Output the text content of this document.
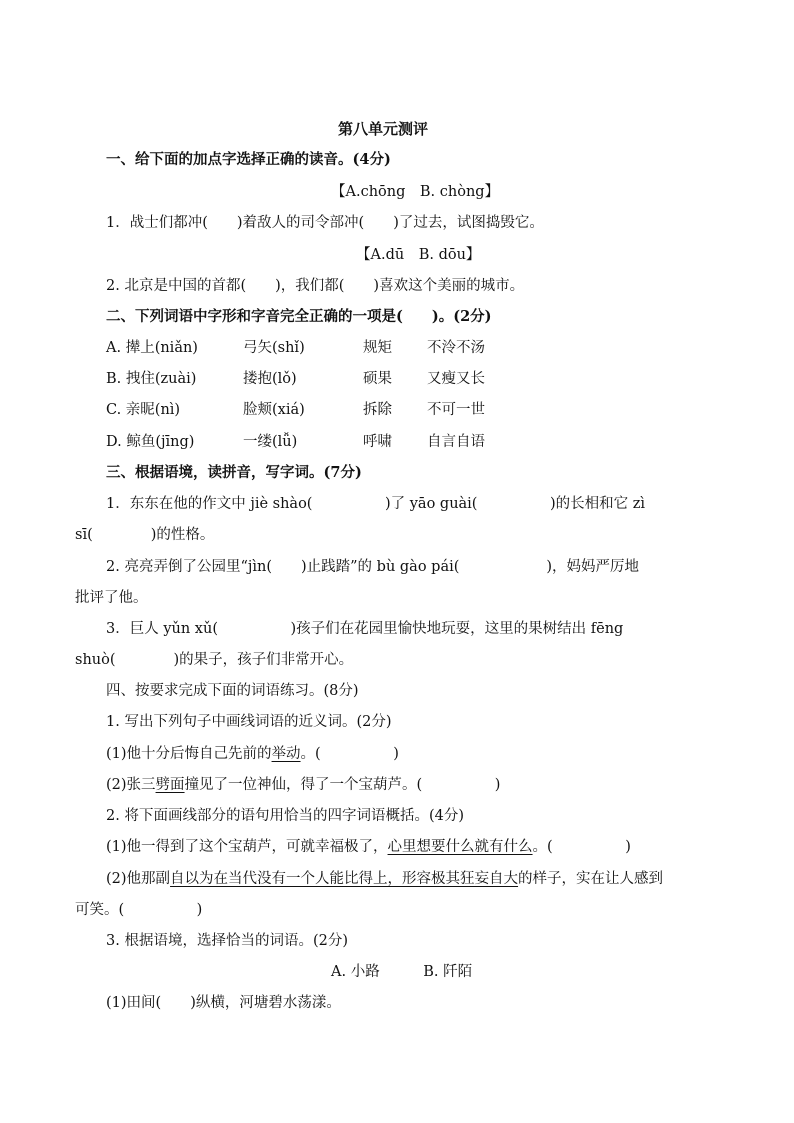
第八单元测评
一、给下面的加点字选择正确的读音。(4分)
【A.chōng　B. chòng】
1．战士们都冲(　　)着敌人的司令部冲(　　)了过去，试图捣毁它。
【A.dū　B. dōu】
2. 北京是中国的首都(　　)，我们都(　　)喜欢这个美丽的城市。
二、下列词语中字形和字音完全正确的一项是(　　)。(2分)
A. 撵上(niǎn)	弓矢(shǐ)	规矩 不泠不汤
B. 拽住(zuài)	搂抱(lǒ)	硕果 又瘦又长
C. 亲昵(nì)	脸颊(xiá)	拆除 不可一世
D. 鲸鱼(jīng)	一缕(lǚ)	呼啸 自言自语
三、根据语境，读拼音，写字词。(7分)
1．东东在他的作文中 jiè shào(　　　　　)了 yāo guài(　　　　　)的长相和它 zì
sī(　　　　)的性格。
2. 亮亮弄倒了公园里“jìn(　　)止践踏”的 bù gào pái(　　　　　　)，妈妈严厉地
批评了他。
3．巨人 yǔn xǔ(　　　　　)孩子们在花园里愉快地玩耍，这里的果树结出 fēng
shuò(　　　　)的果子，孩子们非常开心。
四、按要求完成下面的词语练习。(8分)
1. 写出下列句子中画线词语的近义词。(2分)
(1)他十分后悔自己先前的举动。(　　　　　)
(2)张三劈面撞见了一位神仙，得了一个宝葫芦。(　　　　　)
2. 将下面画线部分的语句用恰当的四字词语概括。(4分)
(1)他一得到了这个宝葫芦，可就幸福极了，心里想要什么就有什么。(　　　　　)
(2)他那副自以为在当代没有一个人能比得上，形容极其狂妄自大的样子，实在让人感到
可笑。(　　　　　)
3. 根据语境，选择恰当的词语。(2分)
A. 小路　　　B. 阡陌
(1)田间(　　)纵横，河塘碧水荡漾。
